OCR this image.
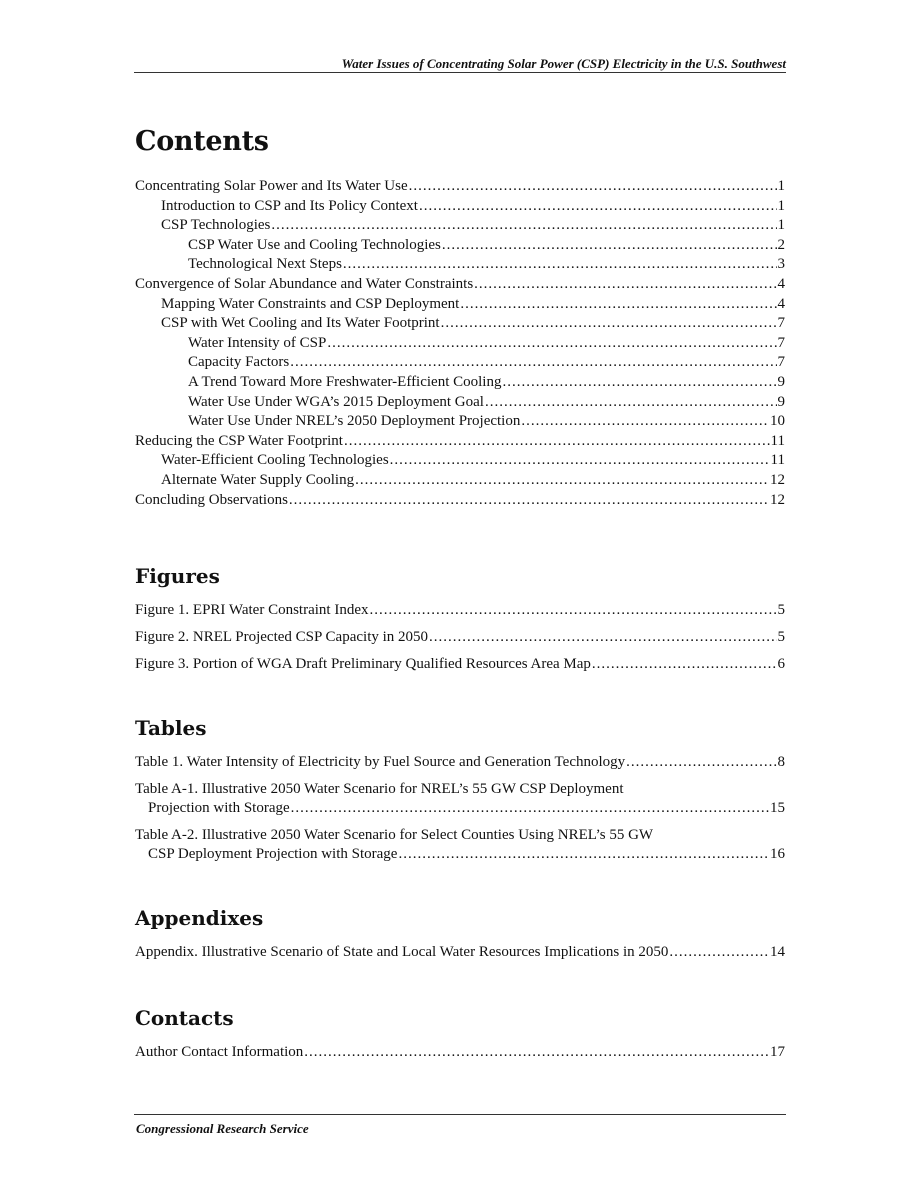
Water Issues of Concentrating Solar Power (CSP) Electricity in the U.S. Southwest
Contents
Concentrating Solar Power and Its Water Use .....	1
Introduction to CSP and Its Policy Context .....	1
CSP Technologies .....	1
CSP Water Use and Cooling Technologies .....	2
Technological Next Steps .....	3
Convergence of Solar Abundance and Water Constraints .....	4
Mapping Water Constraints and CSP Deployment .....	4
CSP with Wet Cooling and Its Water Footprint .....	7
Water Intensity of CSP .....	7
Capacity Factors .....	7
A Trend Toward More Freshwater-Efficient Cooling .....	9
Water Use Under WGA’s 2015 Deployment Goal .....	9
Water Use Under NREL’s 2050 Deployment Projection .....	10
Reducing the CSP Water Footprint .....	11
Water-Efficient Cooling Technologies .....	11
Alternate Water Supply Cooling .....	12
Concluding Observations .....	12
Figures
Figure 1. EPRI Water Constraint Index .....	5
Figure 2. NREL Projected CSP Capacity in 2050 .....	5
Figure 3. Portion of WGA Draft Preliminary Qualified Resources Area Map .....	6
Tables
Table 1. Water Intensity of Electricity by Fuel Source and Generation Technology .....	8
Table A-1. Illustrative 2050 Water Scenario for NREL’s 55 GW CSP Deployment
Projection with Storage .....	15
Table A-2. Illustrative 2050 Water Scenario for Select Counties Using NREL’s 55 GW
CSP Deployment Projection with Storage .....	16
Appendixes
Appendix. Illustrative Scenario of State and Local Water Resources Implications in 2050 .....	14
Contacts
Author Contact Information .....	17
Congressional Research Service
